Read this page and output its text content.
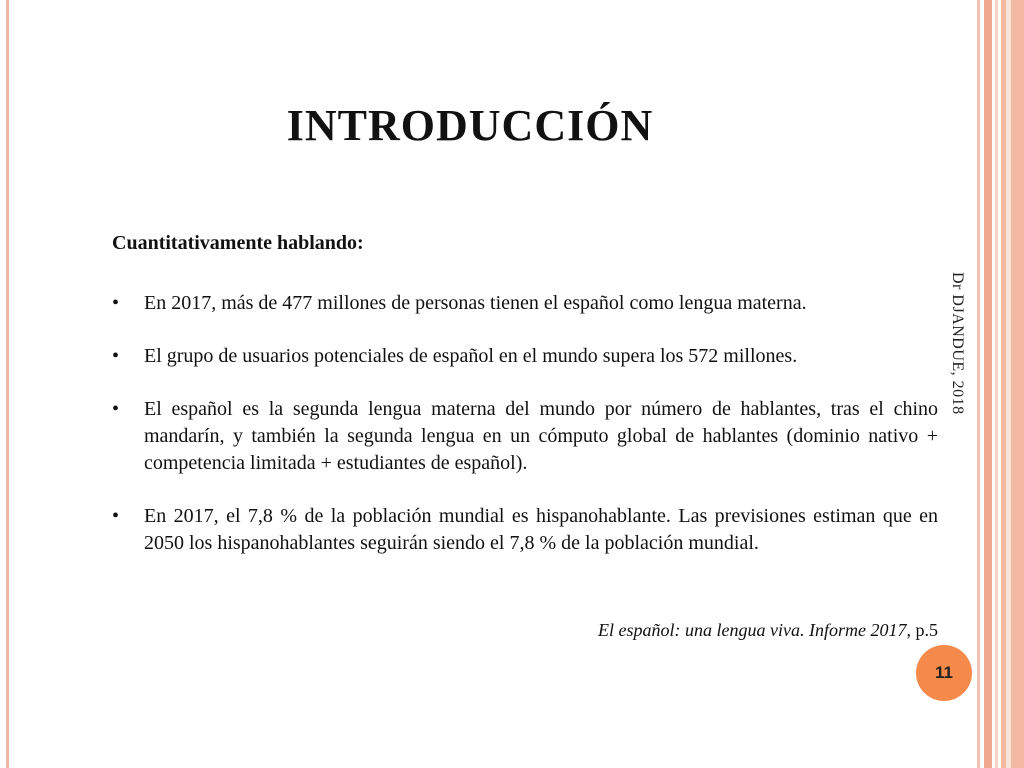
INTRODUCCIÓN

Cuantitativamente hablando:

• En 2017, más de 477 millones de personas tienen el español como lengua materna.
• El grupo de usuarios potenciales de español en el mundo supera los 572 millones.
• El español es la segunda lengua materna del mundo por número de hablantes, tras el chino mandarín, y también la segunda lengua en un cómputo global de hablantes (dominio nativo + competencia limitada + estudiantes de español).
• En 2017, el 7,8 % de la población mundial es hispanohablante. Las previsiones estiman que en 2050 los hispanohablantes seguirán siendo el 7,8 % de la población mundial.

El español: una lengua viva. Informe 2017, p.5

Dr DJANDUE, 2018
11
